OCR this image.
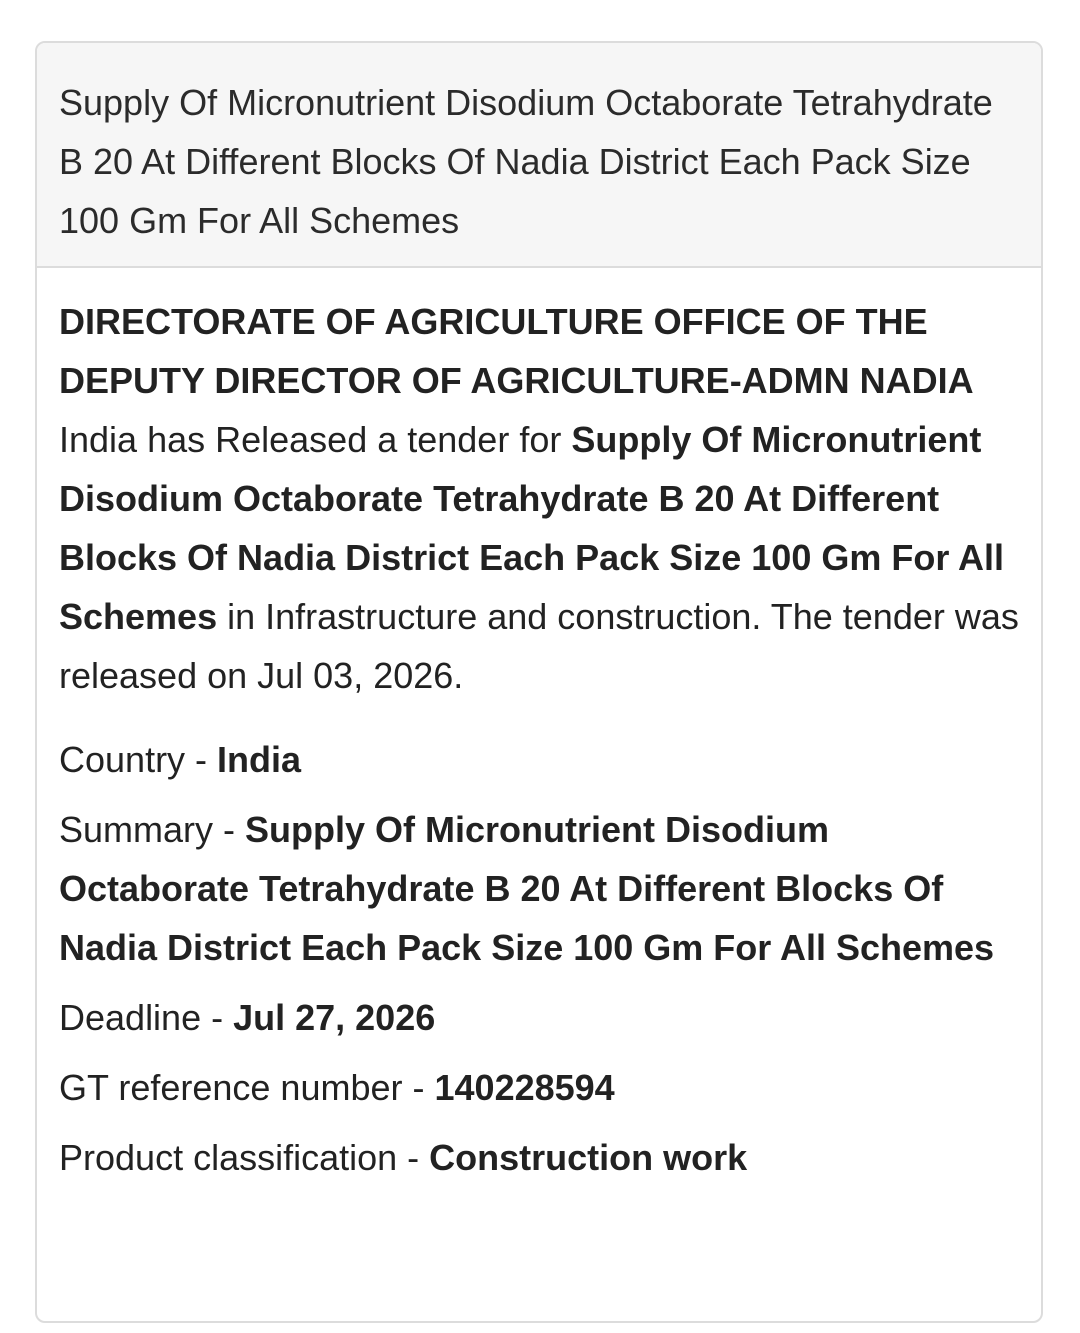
Supply Of Micronutrient Disodium Octaborate Tetrahydrate B 20 At Different Blocks Of Nadia District Each Pack Size 100 Gm For All Schemes

DIRECTORATE OF AGRICULTURE OFFICE OF THE DEPUTY DIRECTOR OF AGRICULTURE-ADMN NADIA India has Released a tender for Supply Of Micronutrient Disodium Octaborate Tetrahydrate B 20 At Different Blocks Of Nadia District Each Pack Size 100 Gm For All Schemes in Infrastructure and construction. The tender was released on Jul 03, 2026.

Country - India

Summary - Supply Of Micronutrient Disodium Octaborate Tetrahydrate B 20 At Different Blocks Of Nadia District Each Pack Size 100 Gm For All Schemes

Deadline - Jul 27, 2026

GT reference number - 140228594

Product classification - Construction work
